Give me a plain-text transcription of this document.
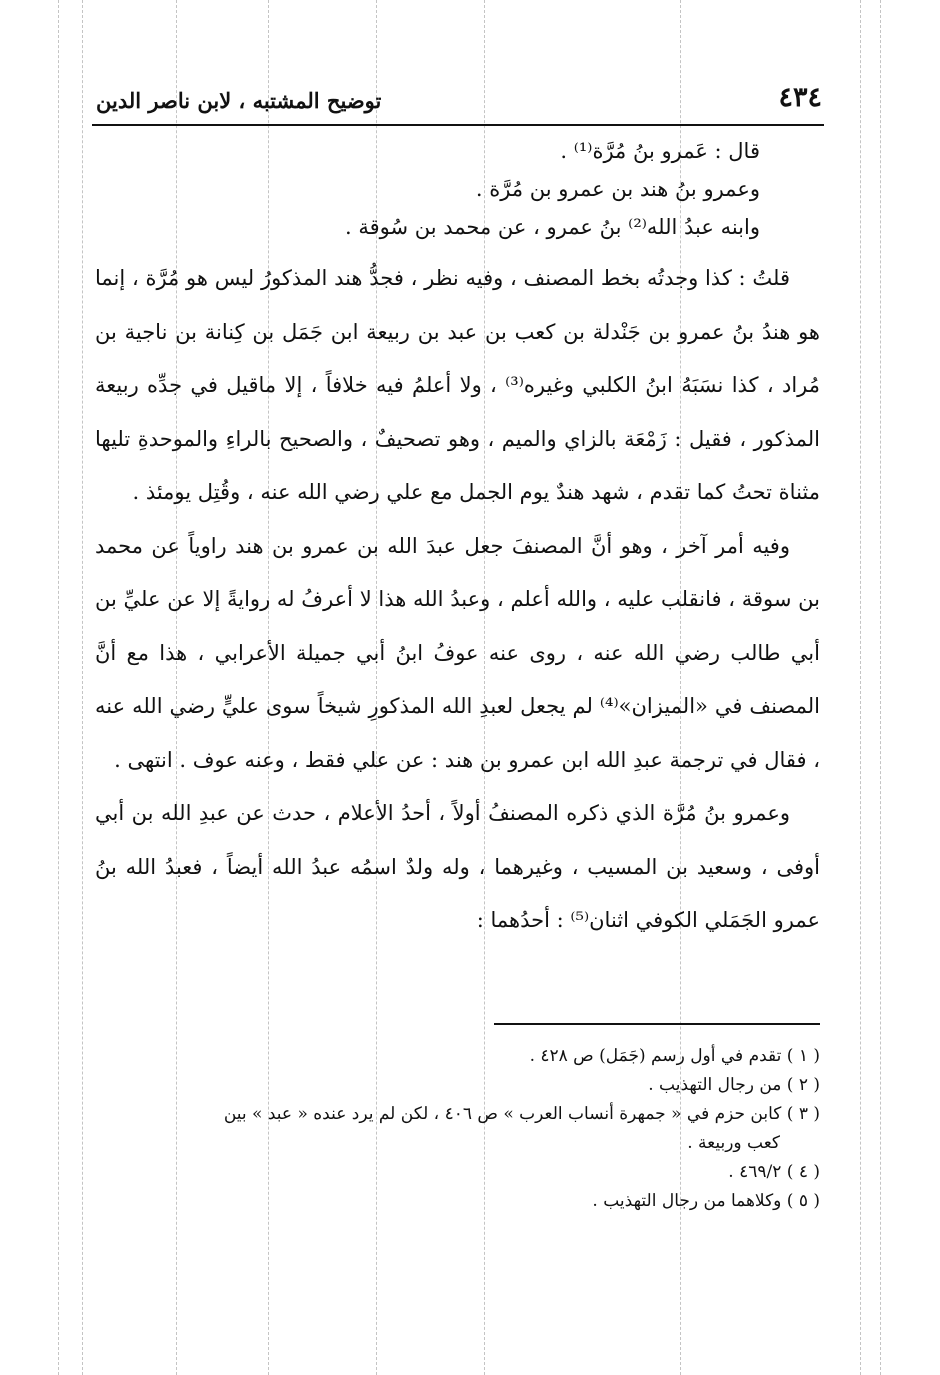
٤٣٤
توضيح المشتبه ، لابن ناصر الدين

قال : عَمرو بنُ مُرَّة⁽¹⁾ .

وعمرو بنُ هند بن عمرو بن مُرَّة .

وابنه عبدُ الله⁽²⁾ بنُ عمرو ، عن محمد بن سُوقة .

قلتُ : كذا وجدتُه بخط المصنف ، وفيه نظر ، فجدُّ هند المذكورُ ليس هو مُرَّة ، إنما هو هندُ بنُ عمرو بن جَنْدلة بن كعب بن عبد بن ربيعة ابن جَمَل بن كِنانة بن ناجية بن مُراد ، كذا نسَبَهُ ابنُ الكلبي وغيره⁽³⁾ ، ولا أعلمُ فيه خلافاً ، إلا ماقيل في جدِّه ربيعة المذكور ، فقيل : زَمْعَة بالزاي والميم ، وهو تصحيفٌ ، والصحيح بالراءِ والموحدةِ تليها مثناة تحتُ كما تقدم ، شهد هندٌ يوم الجمل مع علي رضي الله عنه ، وقُتِل يومئذ .

وفيه أمر آخر ، وهو أنَّ المصنفَ جعل عبدَ الله بن عمرو بن هند راوياً عن محمد بن سوقة ، فانقلب عليه ، والله أعلم ، وعبدُ الله هذا لا أعرفُ له روايةً إلا عن عليِّ بن أبي طالب رضي الله عنه ، روى عنه عوفُ ابنُ أبي جميلة الأعرابي ، هذا مع أنَّ المصنف في «الميزان»⁽⁴⁾ لم يجعل لعبدِ الله المذكورِ شيخاً سوى عليٍّ رضي الله عنه ، فقال في ترجمة عبدِ الله ابن عمرو بن هند : عن علي فقط ، وعنه عوف . انتهى .

وعمرو بنُ مُرَّة الذي ذكره المصنفُ أولاً ، أحدُ الأعلام ، حدث عن عبدِ الله بن أبي أوفى ، وسعيد بن المسيب ، وغيرهما ، وله ولدٌ اسمُه عبدُ الله أيضاً ، فعبدُ الله بنُ عمرو الجَمَلي الكوفي اثنان⁽⁵⁾ : أحدُهما :

( ١ ) تقدم في أول رسم (جَمَل) ص ٤٢٨ .

( ٢ ) من رجال التهذيب .

( ٣ ) كابن حزم في « جمهرة أنساب العرب » ص ٤٠٦ ، لكن لم يرد عنده « عبد » بين

كعب وربيعة .

( ٤ ) ٤٦٩/٢ .

( ٥ ) وكلاهما من رجال التهذيب .
